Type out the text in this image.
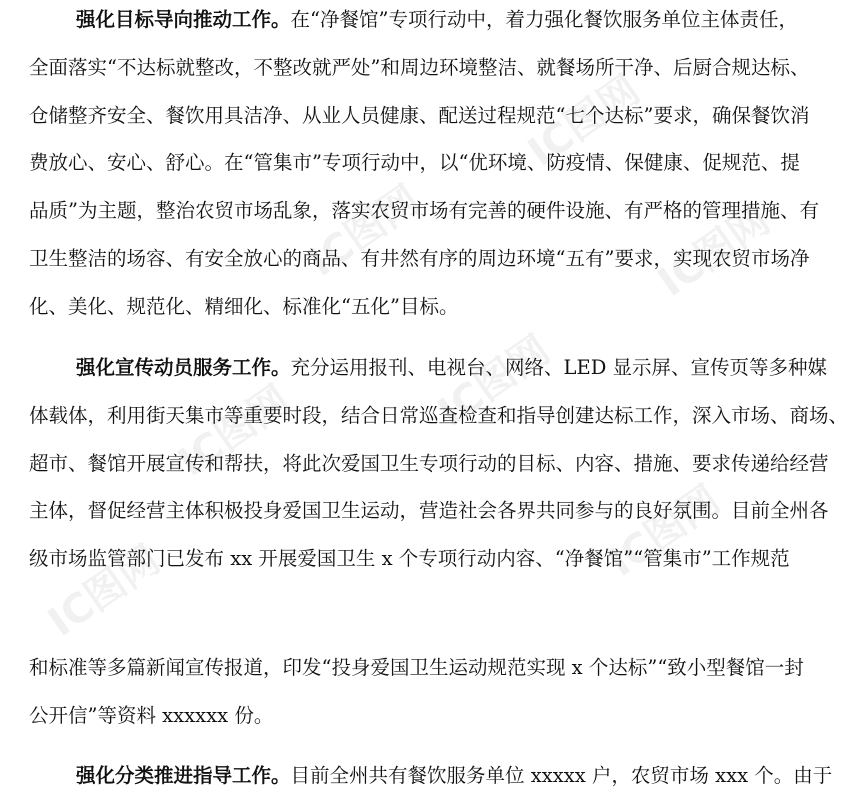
IC图网
IC图网	IC图网
IC图网	IC图网
IC图网
IC图网
强化目标导向推动工作。在“净餐馆”专项行动中，着力强化餐饮服务单位主体责任，
全面落实“不达标就整改，不整改就严处”和周边环境整洁、就餐场所干净、后厨合规达标、
仓储整齐安全、餐饮用具洁净、从业人员健康、配送过程规范“七个达标”要求，确保餐饮消
费放心、安心、舒心。在“管集市”专项行动中，以“优环境、防疫情、保健康、促规范、提
品质”为主题，整治农贸市场乱象，落实农贸市场有完善的硬件设施、有严格的管理措施、有
卫生整洁的场容、有安全放心的商品、有井然有序的周边环境“五有”要求，实现农贸市场净
化、美化、规范化、精细化、标准化“五化”目标。
强化宣传动员服务工作。充分运用报刊、电视台、网络、LED 显示屏、宣传页等多种媒
体载体，利用街天集市等重要时段，结合日常巡查检查和指导创建达标工作，深入市场、商场、
超市、餐馆开展宣传和帮扶，将此次爱国卫生专项行动的目标、内容、措施、要求传递给经营
主体，督促经营主体积极投身爱国卫生运动，营造社会各界共同参与的良好氛围。目前全州各
级市场监管部门已发布 xx 开展爱国卫生 x 个专项行动内容、“净餐馆”“管集市”工作规范
和标准等多篇新闻宣传报道，印发“投身爱国卫生运动规范实现 x 个达标”“致小型餐馆一封
公开信”等资料 xxxxxx 份。
强化分类推进指导工作。目前全州共有餐饮服务单位 xxxxx 户，农贸市场 xxx 个。由于
